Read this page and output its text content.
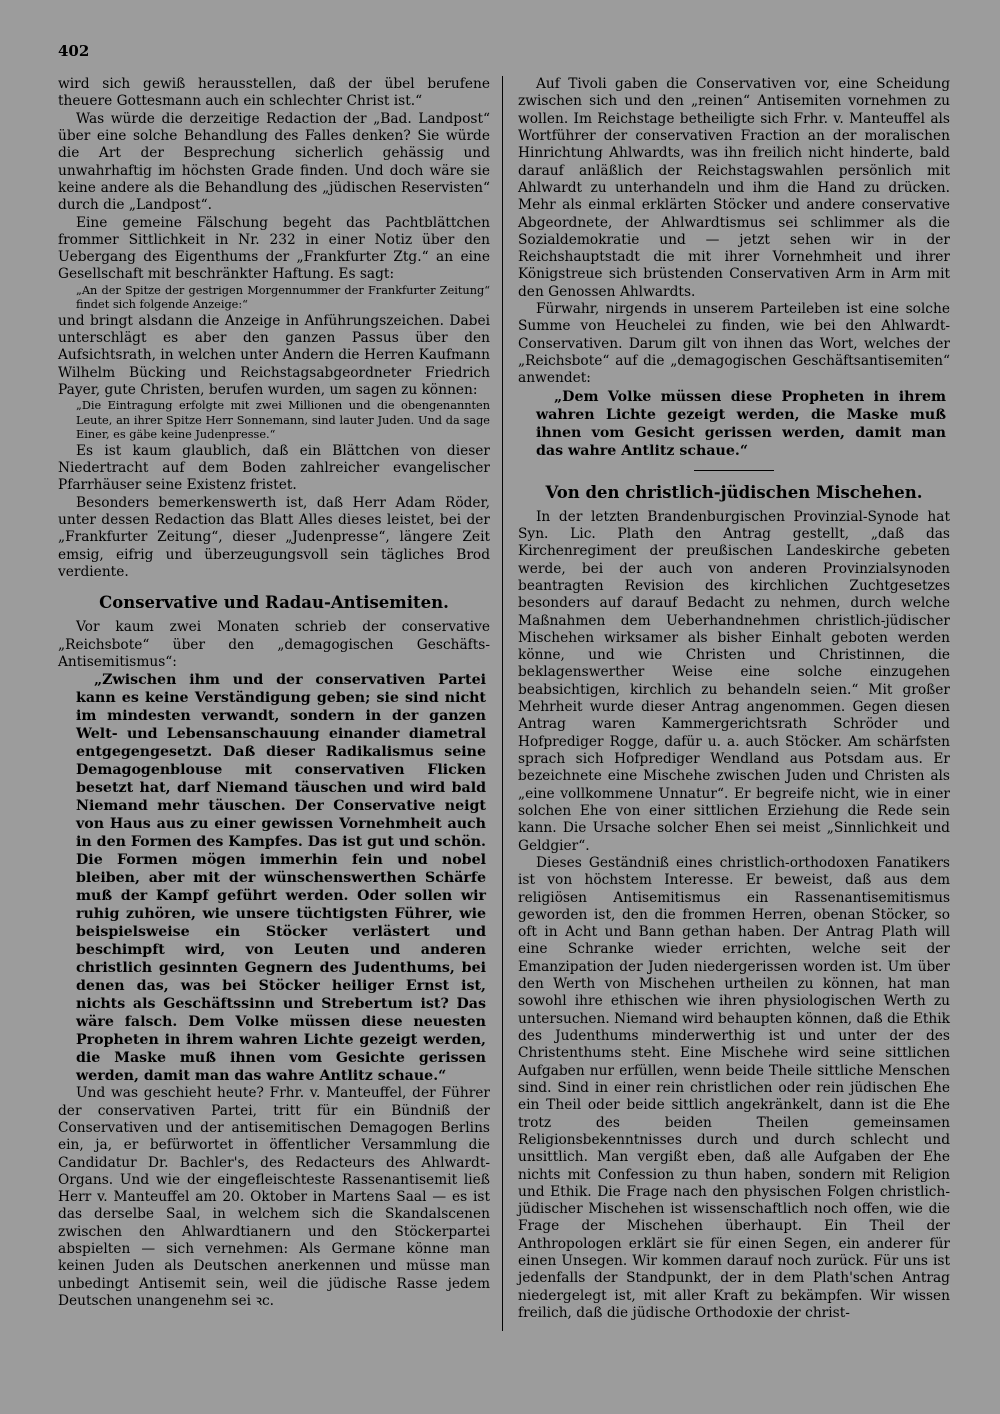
402

wird sich gewiß herausstellen, daß der übel berufene theuere Gottesmann auch ein schlechter Christ ist.“

Was würde die derzeitige Redaction der „Bad. Landpost“ über eine solche Behandlung des Falles denken? Sie würde die Art der Besprechung sicherlich gehässig und unwahrhaftig im höchsten Grade finden. Und doch wäre sie keine andere als die Behandlung des „jüdischen Reservisten“ durch die „Landpost“.

Eine gemeine Fälschung begeht das Pachtblättchen frommer Sittlichkeit in Nr. 232 in einer Notiz über den Uebergang des Eigenthums der „Frankfurter Ztg.“ an eine Gesellschaft mit beschränkter Haftung. Es sagt:

„An der Spitze der gestrigen Morgennummer der Frankfurter Zeitung“ findet sich folgende Anzeige:“

und bringt alsdann die Anzeige in Anführungszeichen. Dabei unterschlägt es aber den ganzen Passus über den Aufsichtsrath, in welchen unter Andern die Herren Kaufmann Wilhelm Bücking und Reichstagsabgeordneter Friedrich Payer, gute Christen, berufen wurden, um sagen zu können:

„Die Eintragung erfolgte mit zwei Millionen und die obengenannten Leute, an ihrer Spitze Herr Sonnemann, sind lauter Juden. Und da sage Einer, es gäbe keine Judenpresse.“

Es ist kaum glaublich, daß ein Blättchen von dieser Niedertracht auf dem Boden zahlreicher evangelischer Pfarrhäuser seine Existenz fristet.

Besonders bemerkenswerth ist, daß Herr Adam Röder, unter dessen Redaction das Blatt Alles dieses leistet, bei der „Frankfurter Zeitung“, dieser „Judenpresse“, längere Zeit emsig, eifrig und überzeugungsvoll sein tägliches Brod verdiente.

Conservative und Radau-Antisemiten.

Vor kaum zwei Monaten schrieb der conservative „Reichsbote“ über den „demagogischen Geschäfts-Antisemitismus“:

„Zwischen ihm und der conservativen Partei kann es keine Verständigung geben; sie sind nicht im mindesten verwandt, sondern in der ganzen Welt- und Lebensanschauung einander diametral entgegengesetzt. Daß dieser Radikalismus seine Demagogenblouse mit conservativen Flicken besetzt hat, darf Niemand täuschen und wird bald Niemand mehr täuschen. Der Conservative neigt von Haus aus zu einer gewissen Vornehmheit auch in den Formen des Kampfes. Das ist gut und schön. Die Formen mögen immerhin fein und nobel bleiben, aber mit der wünschenswerthen Schärfe muß der Kampf geführt werden. Oder sollen wir ruhig zuhören, wie unsere tüchtigsten Führer, wie beispielsweise ein Stöcker verlästert und beschimpft wird, von Leuten und anderen christlich gesinnten Gegnern des Judenthums, bei denen das, was bei Stöcker heiliger Ernst ist, nichts als Geschäftssinn und Strebertum ist? Das wäre falsch. Dem Volke müssen diese neuesten Propheten in ihrem wahren Lichte gezeigt werden, die Maske muß ihnen vom Gesichte gerissen werden, damit man das wahre Antlitz schaue.“

Und was geschieht heute? Frhr. v. Manteuffel, der Führer der conservativen Partei, tritt für ein Bündniß der Conservativen und der antisemitischen Demagogen Berlins ein, ja, er befürwortet in öffentlicher Versammlung die Candidatur Dr. Bachler's, des Redacteurs des Ahlwardt-Organs. Und wie der eingefleischteste Rassenantisemit ließ Herr v. Manteuffel am 20. Oktober in Martens Saal — es ist das derselbe Saal, in welchem sich die Skandalscenen zwischen den Ahlwardtianern und den Stöckerpartei abspielten — sich vernehmen: Als Germane könne man keinen Juden als Deutschen anerkennen und müsse man unbedingt Antisemit sein, weil die jüdische Rasse jedem Deutschen unangenehm sei ꝛc.

Auf Tivoli gaben die Conservativen vor, eine Scheidung zwischen sich und den „reinen“ Antisemiten vornehmen zu wollen. Im Reichstage betheiligte sich Frhr. v. Manteuffel als Wortführer der conservativen Fraction an der moralischen Hinrichtung Ahlwardts, was ihn freilich nicht hinderte, bald darauf anläßlich der Reichstagswahlen persönlich mit Ahlwardt zu unterhandeln und ihm die Hand zu drücken. Mehr als einmal erklärten Stöcker und andere conservative Abgeordnete, der Ahlwardtismus sei schlimmer als die Sozialdemokratie und — jetzt sehen wir in der Reichshauptstadt die mit ihrer Vornehmheit und ihrer Königstreue sich brüstenden Conservativen Arm in Arm mit den Genossen Ahlwardts.

Fürwahr, nirgends in unserem Parteileben ist eine solche Summe von Heuchelei zu finden, wie bei den Ahlwardt-Conservativen. Darum gilt von ihnen das Wort, welches der „Reichsbote“ auf die „demagogischen Geschäftsantisemiten“ anwendet:

„Dem Volke müssen diese Propheten in ihrem wahren Lichte gezeigt werden, die Maske muß ihnen vom Gesicht gerissen werden, damit man das wahre Antlitz schaue.“

Von den christlich-jüdischen Mischehen.

In der letzten Brandenburgischen Provinzial-Synode hat Syn. Lic. Plath den Antrag gestellt, „daß das Kirchenregiment der preußischen Landeskirche gebeten werde, bei der auch von anderen Provinzialsynoden beantragten Revision des kirchlichen Zuchtgesetzes besonders auf darauf Bedacht zu nehmen, durch welche Maßnahmen dem Ueberhandnehmen christlich-jüdischer Mischehen wirksamer als bisher Einhalt geboten werden könne, und wie Christen und Christinnen, die beklagenswerther Weise eine solche einzugehen beabsichtigen, kirchlich zu behandeln seien.“ Mit großer Mehrheit wurde dieser Antrag angenommen. Gegen diesen Antrag waren Kammergerichtsrath Schröder und Hofprediger Rogge, dafür u. a. auch Stöcker. Am schärfsten sprach sich Hofprediger Wendland aus Potsdam aus. Er bezeichnete eine Mischehe zwischen Juden und Christen als „eine vollkommene Unnatur“. Er begreife nicht, wie in einer solchen Ehe von einer sittlichen Erziehung die Rede sein kann. Die Ursache solcher Ehen sei meist „Sinnlichkeit und Geldgier“.

Dieses Geständniß eines christlich-orthodoxen Fanatikers ist von höchstem Interesse. Er beweist, daß aus dem religiösen Antisemitismus ein Rassenantisemitismus geworden ist, den die frommen Herren, obenan Stöcker, so oft in Acht und Bann gethan haben. Der Antrag Plath will eine Schranke wieder errichten, welche seit der Emanzipation der Juden niedergerissen worden ist. Um über den Werth von Mischehen urtheilen zu können, hat man sowohl ihre ethischen wie ihren physiologischen Werth zu untersuchen. Niemand wird behaupten können, daß die Ethik des Judenthums minderwerthig ist und unter der des Christenthums steht. Eine Mischehe wird seine sittlichen Aufgaben nur erfüllen, wenn beide Theile sittliche Menschen sind. Sind in einer rein christlichen oder rein jüdischen Ehe ein Theil oder beide sittlich angekränkelt, dann ist die Ehe trotz des beiden Theilen gemeinsamen Religionsbekenntnisses durch und durch schlecht und unsittlich. Man vergißt eben, daß alle Aufgaben der Ehe nichts mit Confession zu thun haben, sondern mit Religion und Ethik. Die Frage nach den physischen Folgen christlich-jüdischer Mischehen ist wissenschaftlich noch offen, wie die Frage der Mischehen überhaupt. Ein Theil der Anthropologen erklärt sie für einen Segen, ein anderer für einen Unsegen. Wir kommen darauf noch zurück. Für uns ist jedenfalls der Standpunkt, der in dem Plath'schen Antrag niedergelegt ist, mit aller Kraft zu bekämpfen. Wir wissen freilich, daß die jüdische Orthodoxie der christ-
